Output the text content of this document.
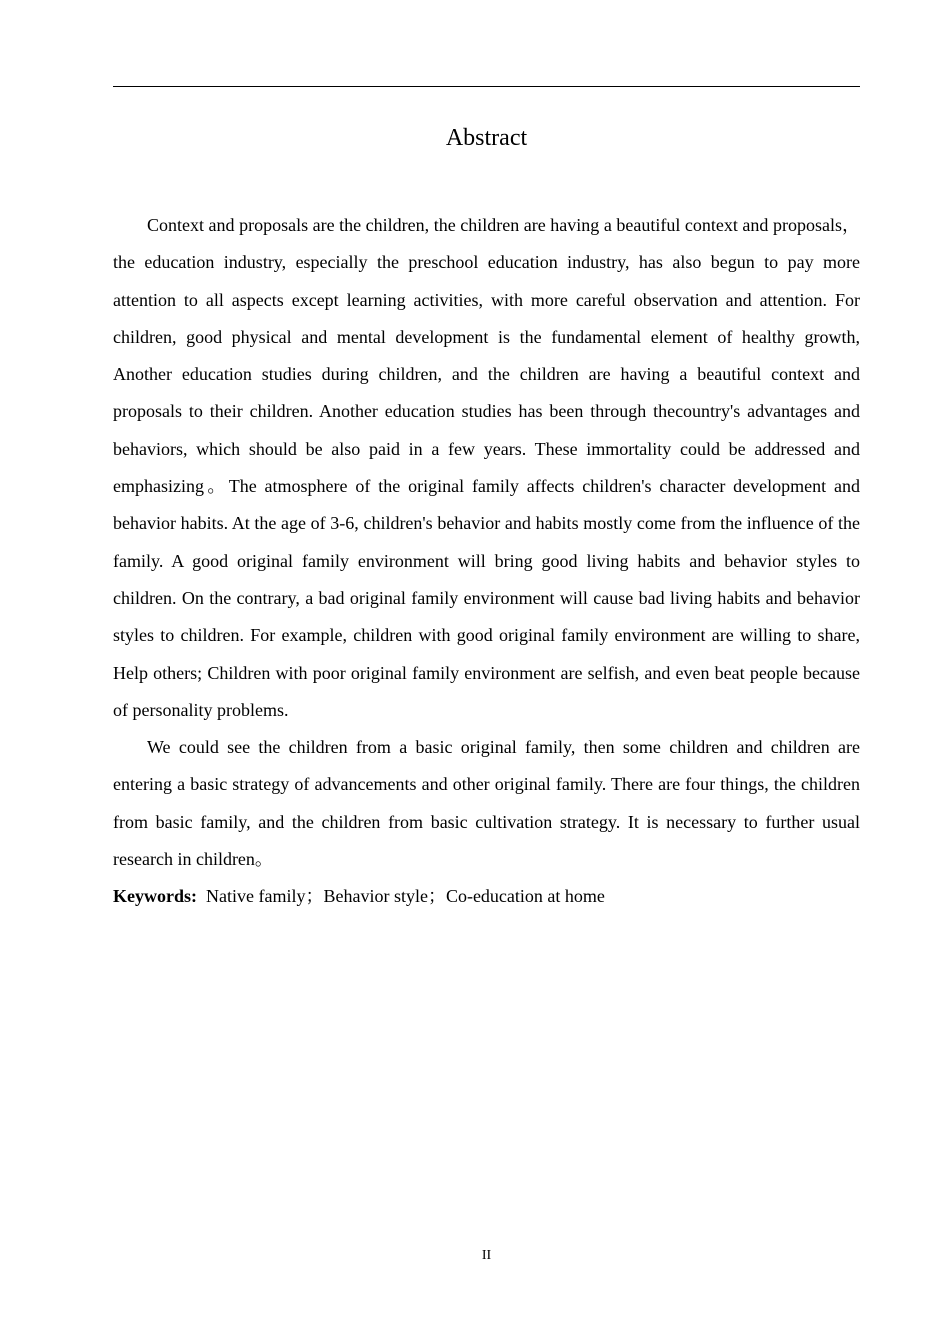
Abstract

Context and proposals are the children, the children are having a beautiful context and proposals， the education industry, especially the preschool education industry, has also begun to pay more attention to all aspects except learning activities, with more careful observation and attention. For children, good physical and mental development is the fundamental element of healthy growth, Another education studies during children, and the children are having a beautiful context and proposals to their children. Another education studies has been through thecountry's advantages and behaviors, which should be also paid in a few years. These immortality could be addressed and emphasizing。The atmosphere of the original family affects children's character development and behavior habits. At the age of 3-6, children's behavior and habits mostly come from the influence of the family. A good original family environment will bring good living habits and behavior styles to children. On the contrary, a bad original family environment will cause bad living habits and behavior styles to children. For example, children with good original family environment are willing to share, Help others; Children with poor original family environment are selfish, and even beat people because of personality problems.

We could see the children from a basic original family, then some children and children are entering a basic strategy of advancements and other original family. There are four things, the children from basic family, and the children from basic cultivation strategy. It is necessary to further usual research in children。

Keywords: Native family；Behavior style；Co-education at home

II
